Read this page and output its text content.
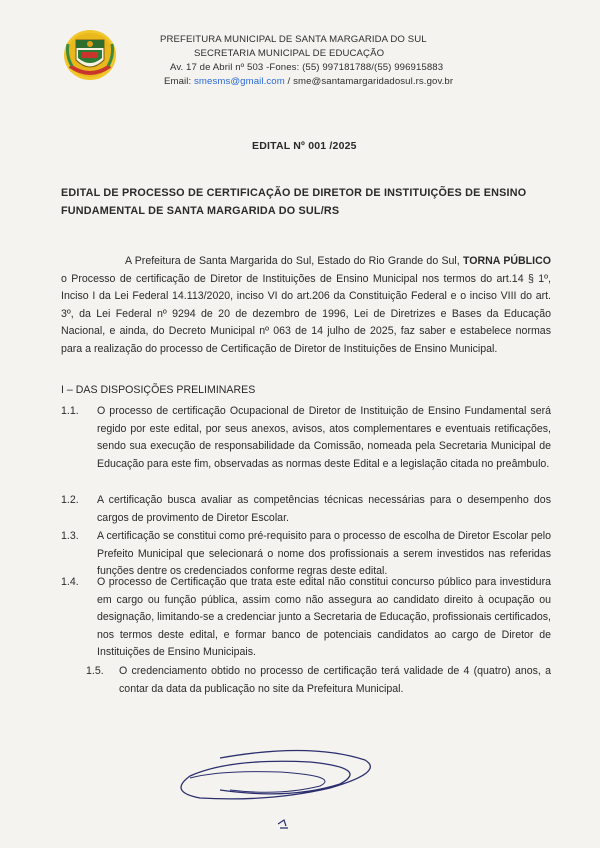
PREFEITURA MUNICIPAL DE SANTA MARGARIDA DO SUL
SECRETARIA MUNICIPAL DE EDUCAÇÃO
Av. 17 de Abril nº 503 -Fones: (55) 997181788/(55) 996915883
Email: smesms@gmail.com / sme@santamargaridadosul.rs.gov.br
EDITAL Nº 001 /2025
EDITAL DE PROCESSO DE CERTIFICAÇÃO DE DIRETOR DE INSTITUIÇÕES DE ENSINO FUNDAMENTAL DE SANTA MARGARIDA DO SUL/RS
A Prefeitura de Santa Margarida do Sul, Estado do Rio Grande do Sul, TORNA PÚBLICO o Processo de certificação de Diretor de Instituições de Ensino Municipal nos termos do art.14 § 1º, Inciso I da Lei Federal 14.113/2020, inciso VI do art.206 da Constituição Federal e o inciso VIII do art. 3º, da Lei Federal nº 9294 de 20 de dezembro de 1996, Lei de Diretrizes e Bases da Educação Nacional, e ainda, do Decreto Municipal nº 063 de 14 julho de 2025, faz saber e estabelece normas para a realização do processo de Certificação de Diretor de Instituições de Ensino Municipal.
I – DAS DISPOSIÇÕES PRELIMINARES
1.1. O processo de certificação Ocupacional de Diretor de Instituição de Ensino Fundamental será regido por este edital, por seus anexos, avisos, atos complementares e eventuais retificações, sendo sua execução de responsabilidade da Comissão, nomeada pela Secretaria Municipal de Educação para este fim, observadas as normas deste Edital e a legislação citada no preâmbulo.
1.2. A certificação busca avaliar as competências técnicas necessárias para o desempenho dos cargos de provimento de Diretor Escolar.
1.3. A certificação se constitui como pré-requisito para o processo de escolha de Diretor Escolar pelo Prefeito Municipal que selecionará o nome dos profissionais a serem investidos nas referidas funções dentre os credenciados conforme regras deste edital.
1.4. O processo de Certificação que trata este edital não constitui concurso público para investidura em cargo ou função pública, assim como não assegura ao candidato direito à ocupação ou designação, limitando-se a credenciar junto a Secretaria de Educação, profissionais certificados, nos termos deste edital, e formar banco de potenciais candidatos ao cargo de Diretor de Instituições de Ensino Municipais.
1.5. O credenciamento obtido no processo de certificação terá validade de 4 (quatro) anos, a contar da data da publicação no site da Prefeitura Municipal.
